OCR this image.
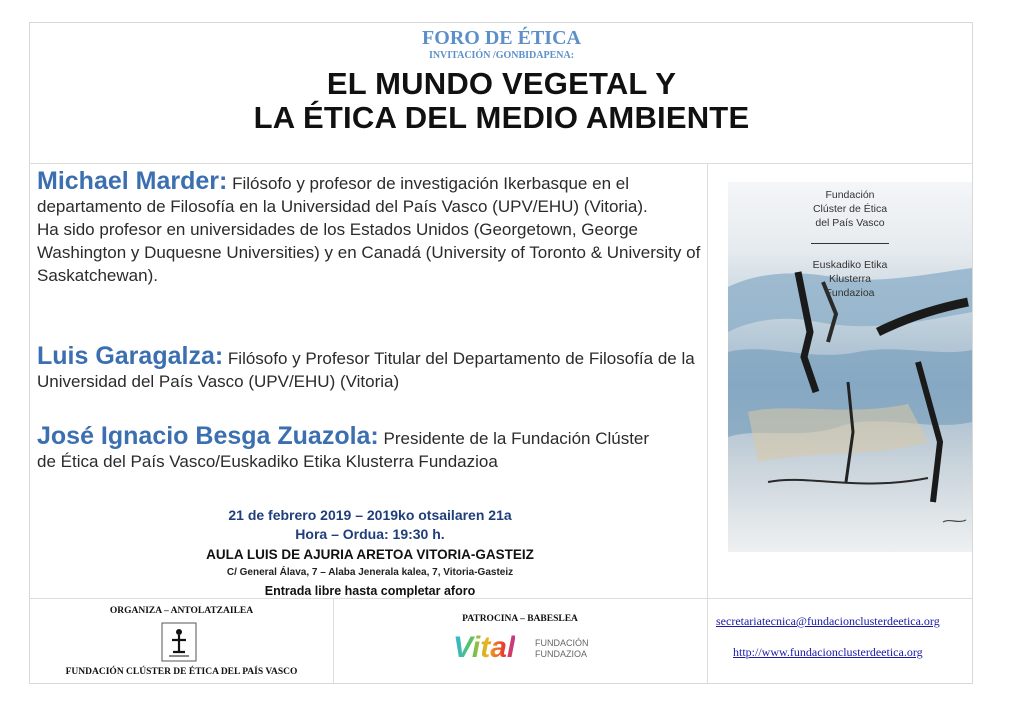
FORO DE ÉTICA
INVITACIÓN /GONBIDAPENA:
EL MUNDO VEGETAL Y
LA ÉTICA DEL MEDIO AMBIENTE
Michael Marder: Filósofo y profesor de investigación Ikerbasque en el departamento de Filosofía en la Universidad del País Vasco (UPV/EHU) (Vitoria).
Ha sido profesor en universidades de los Estados Unidos (Georgetown, George Washington y Duquesne Universities) y en Canadá (University of Toronto & University of Saskatchewan).
Luis Garagalza: Filósofo y Profesor Titular del Departamento de Filosofía de la Universidad del País Vasco (UPV/EHU) (Vitoria)
José Ignacio Besga Zuazola: Presidente de la Fundación Clúster de Ética del País Vasco/Euskadiko Etika Klusterra Fundazioa
21 de febrero 2019 – 2019ko otsailaren 21a
Hora – Ordua: 19:30 h.
AULA LUIS DE AJURIA ARETOA VITORIA-GASTEIZ
C/ General Álava, 7 – Alaba Jenerala kalea, 7, Vitoria-Gasteiz
Entrada libre hasta completar aforo
Fundación
Clúster de Ética
del País Vasco
Euskadiko Etika
Klusterra
Fundazioa
ORGANIZA – ANTOLATZAILEA
FUNDACIÓN CLÚSTER DE ÉTICA DEL PAÍS VASCO
PATROCINA – BABESLEA
Vital FUNDACIÓN
FUNDAZIOA
secretariatecnica@fundacionclusterdeetica.org
http://www.fundacionclusterdeetica.org
